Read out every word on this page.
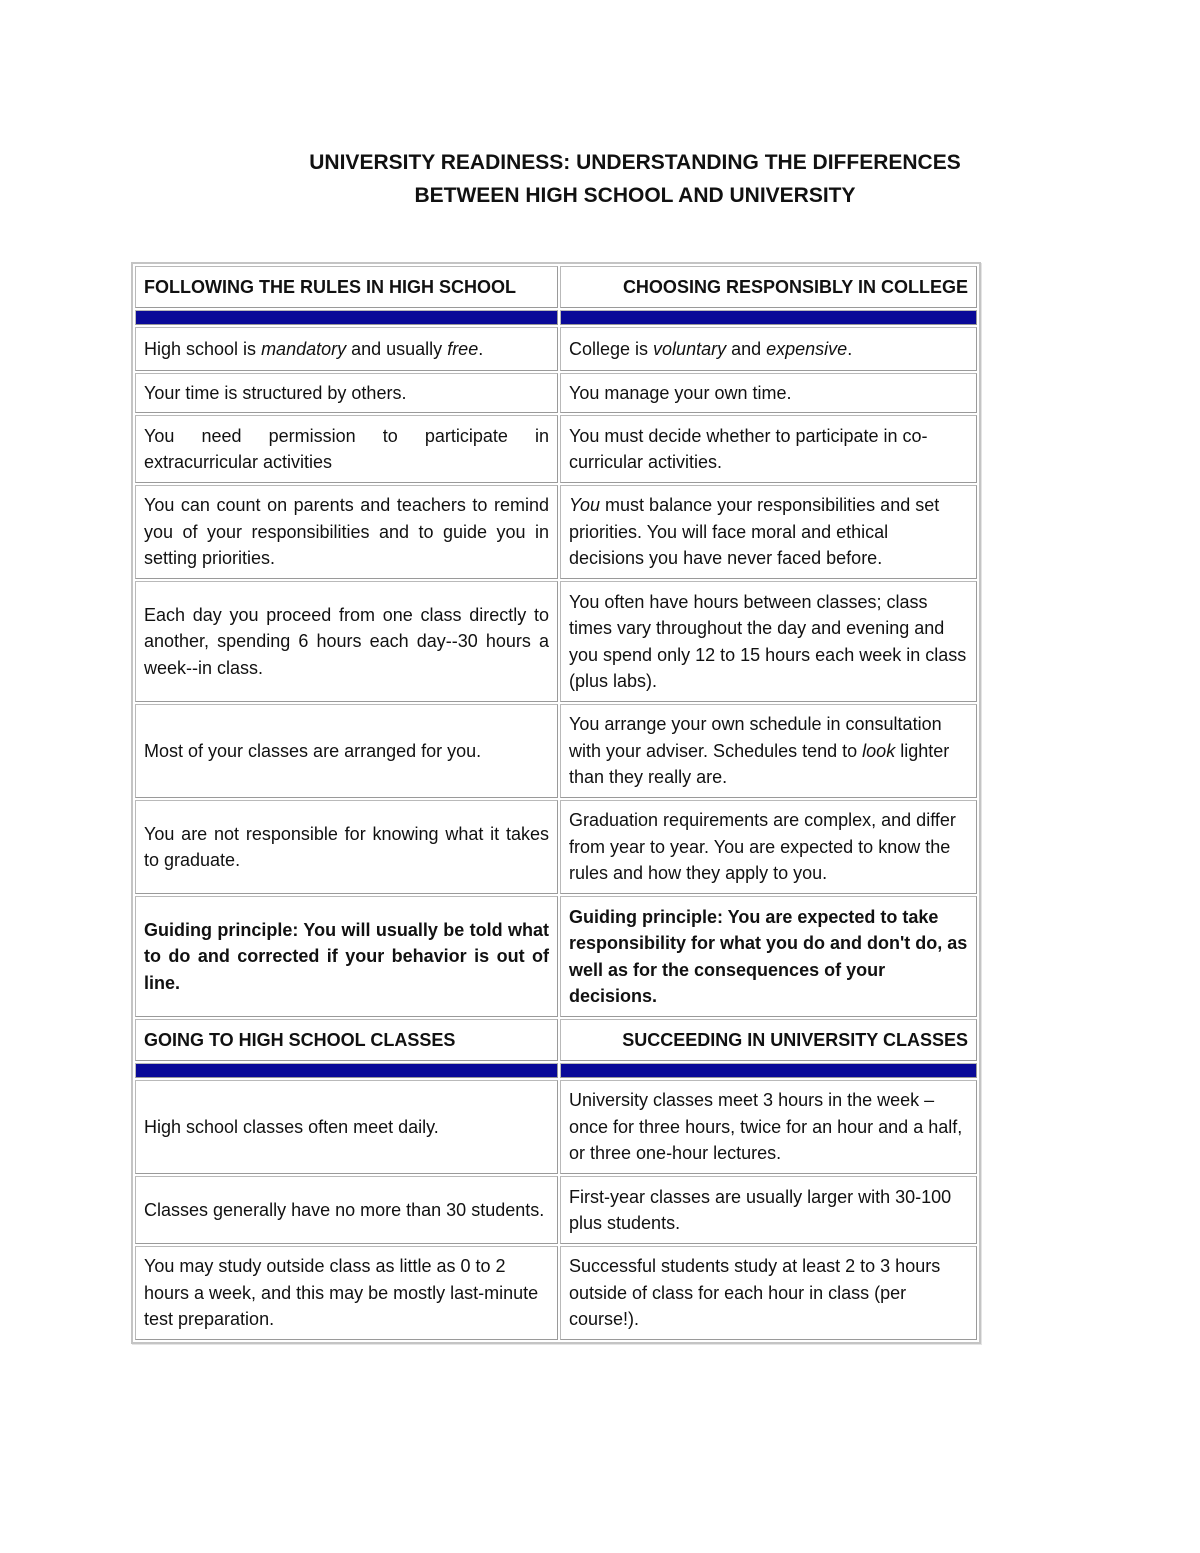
UNIVERSITY READINESS: UNDERSTANDING THE DIFFERENCES
BETWEEN HIGH SCHOOL AND UNIVERSITY
FOLLOWING THE RULES IN HIGH SCHOOL	CHOOSING RESPONSIBLY IN COLLEGE

High school is mandatory and usually free.	College is voluntary and expensive.
Your time is structured by others.	You manage your own time.
You need permission to participate in extracurricular activities	You must decide whether to participate in co-curricular activities.
You can count on parents and teachers to remind you of your responsibilities and to guide you in setting priorities.	You must balance your responsibilities and set priorities. You will face moral and ethical decisions you have never faced before.
Each day you proceed from one class directly to another, spending 6 hours each day--30 hours a week--in class.	You often have hours between classes; class times vary throughout the day and evening and you spend only 12 to 15 hours each week in class (plus labs).
Most of your classes are arranged for you.	You arrange your own schedule in consultation with your adviser. Schedules tend to look lighter than they really are.
You are not responsible for knowing what it takes to graduate.	Graduation requirements are complex, and differ from year to year. You are expected to know the rules and how they apply to you.
Guiding principle: You will usually be told what to do and corrected if your behavior is out of line.	Guiding principle: You are expected to take responsibility for what you do and don't do, as well as for the consequences of your decisions.
GOING TO HIGH SCHOOL CLASSES	SUCCEEDING IN UNIVERSITY CLASSES

High school classes often meet daily.	University classes meet 3 hours in the week – once for three hours, twice for an hour and a half, or three one-hour lectures.
Classes generally have no more than 30 students.	First-year classes are usually larger with 30-100 plus students.
You may study outside class as little as 0 to 2 hours a week, and this may be mostly last-minute test preparation.	Successful students study at least 2 to 3 hours outside of class for each hour in class (per course!).
